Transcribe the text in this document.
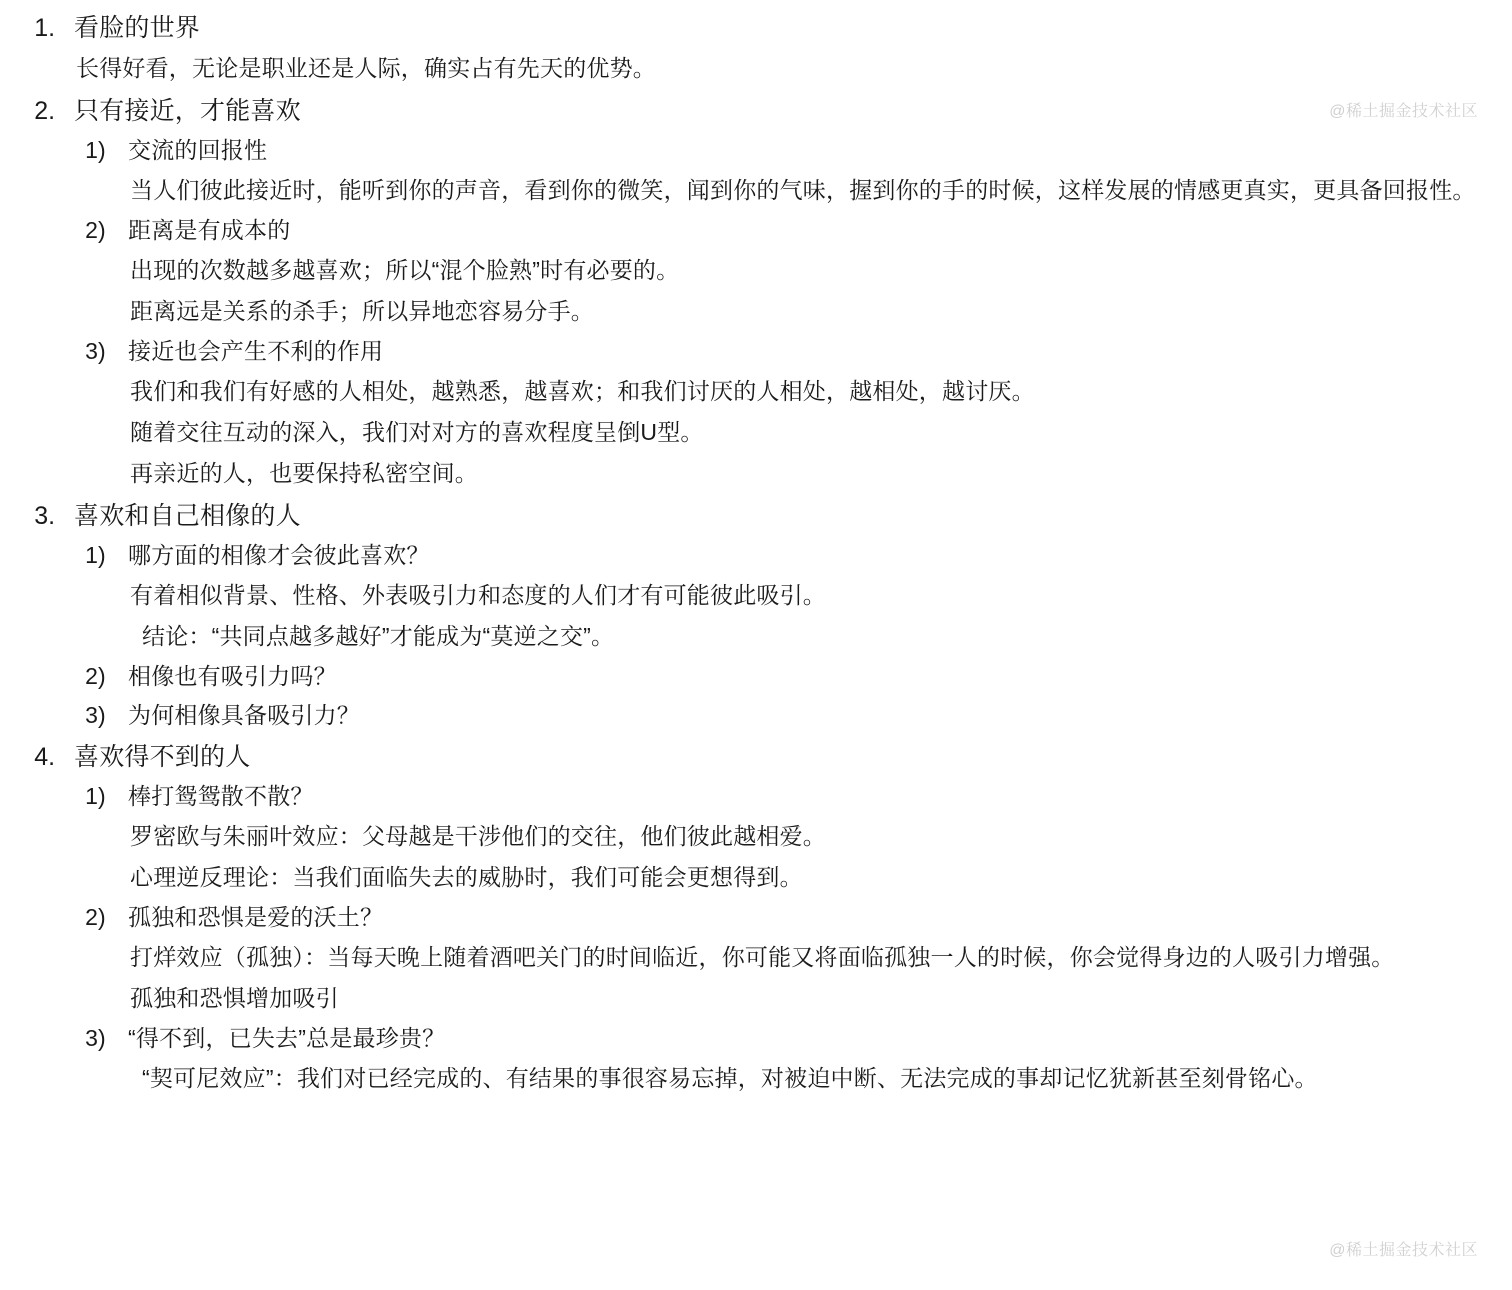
1. 看脸的世界

长得好看，无论是职业还是人际，确实占有先天的优势。

2. 只有接近，才能喜欢
1. 交流的回报性

当人们彼此接近时，能听到你的声音，看到你的微笑，闻到你的气味，握到你的手的时候，这样发展的情感更真实，更具备回报性。

2. 距离是有成本的

出现的次数越多越喜欢；所以“混个脸熟”时有必要的。

距离远是关系的杀手；所以异地恋容易分手。

3. 接近也会产生不利的作用

我们和我们有好感的人相处，越熟悉，越喜欢；和我们讨厌的人相处，越相处，越讨厌。

随着交往互动的深入，我们对对方的喜欢程度呈倒U型。

再亲近的人，也要保持私密空间。

3. 喜欢和自己相像的人
1. 哪方面的相像才会彼此喜欢？

有着相似背景、性格、外表吸引力和态度的人们才有可能彼此吸引。

结论：“共同点越多越好”才能成为“莫逆之交”。

2. 相像也有吸引力吗？
3. 为何相像具备吸引力？
4. 喜欢得不到的人
1. 棒打鸳鸳散不散？

罗密欧与朱丽叶效应：父母越是干涉他们的交往，他们彼此越相爱。

心理逆反理论：当我们面临失去的威胁时，我们可能会更想得到。

2. 孤独和恐惧是爱的沃土？

打烊效应（孤独）：当每天晚上随着酒吧关门的时间临近，你可能又将面临孤独一人的时候，你会觉得身边的人吸引力增强。

孤独和恐惧增加吸引

3. “得不到，已失去”总是最珍贵？

“契可尼效应”：我们对已经完成的、有结果的事很容易忘掉，对被迫中断、无法完成的事却记忆犹新甚至刻骨铭心。

@稀土掘金技术社区
@稀土掘金技术社区
